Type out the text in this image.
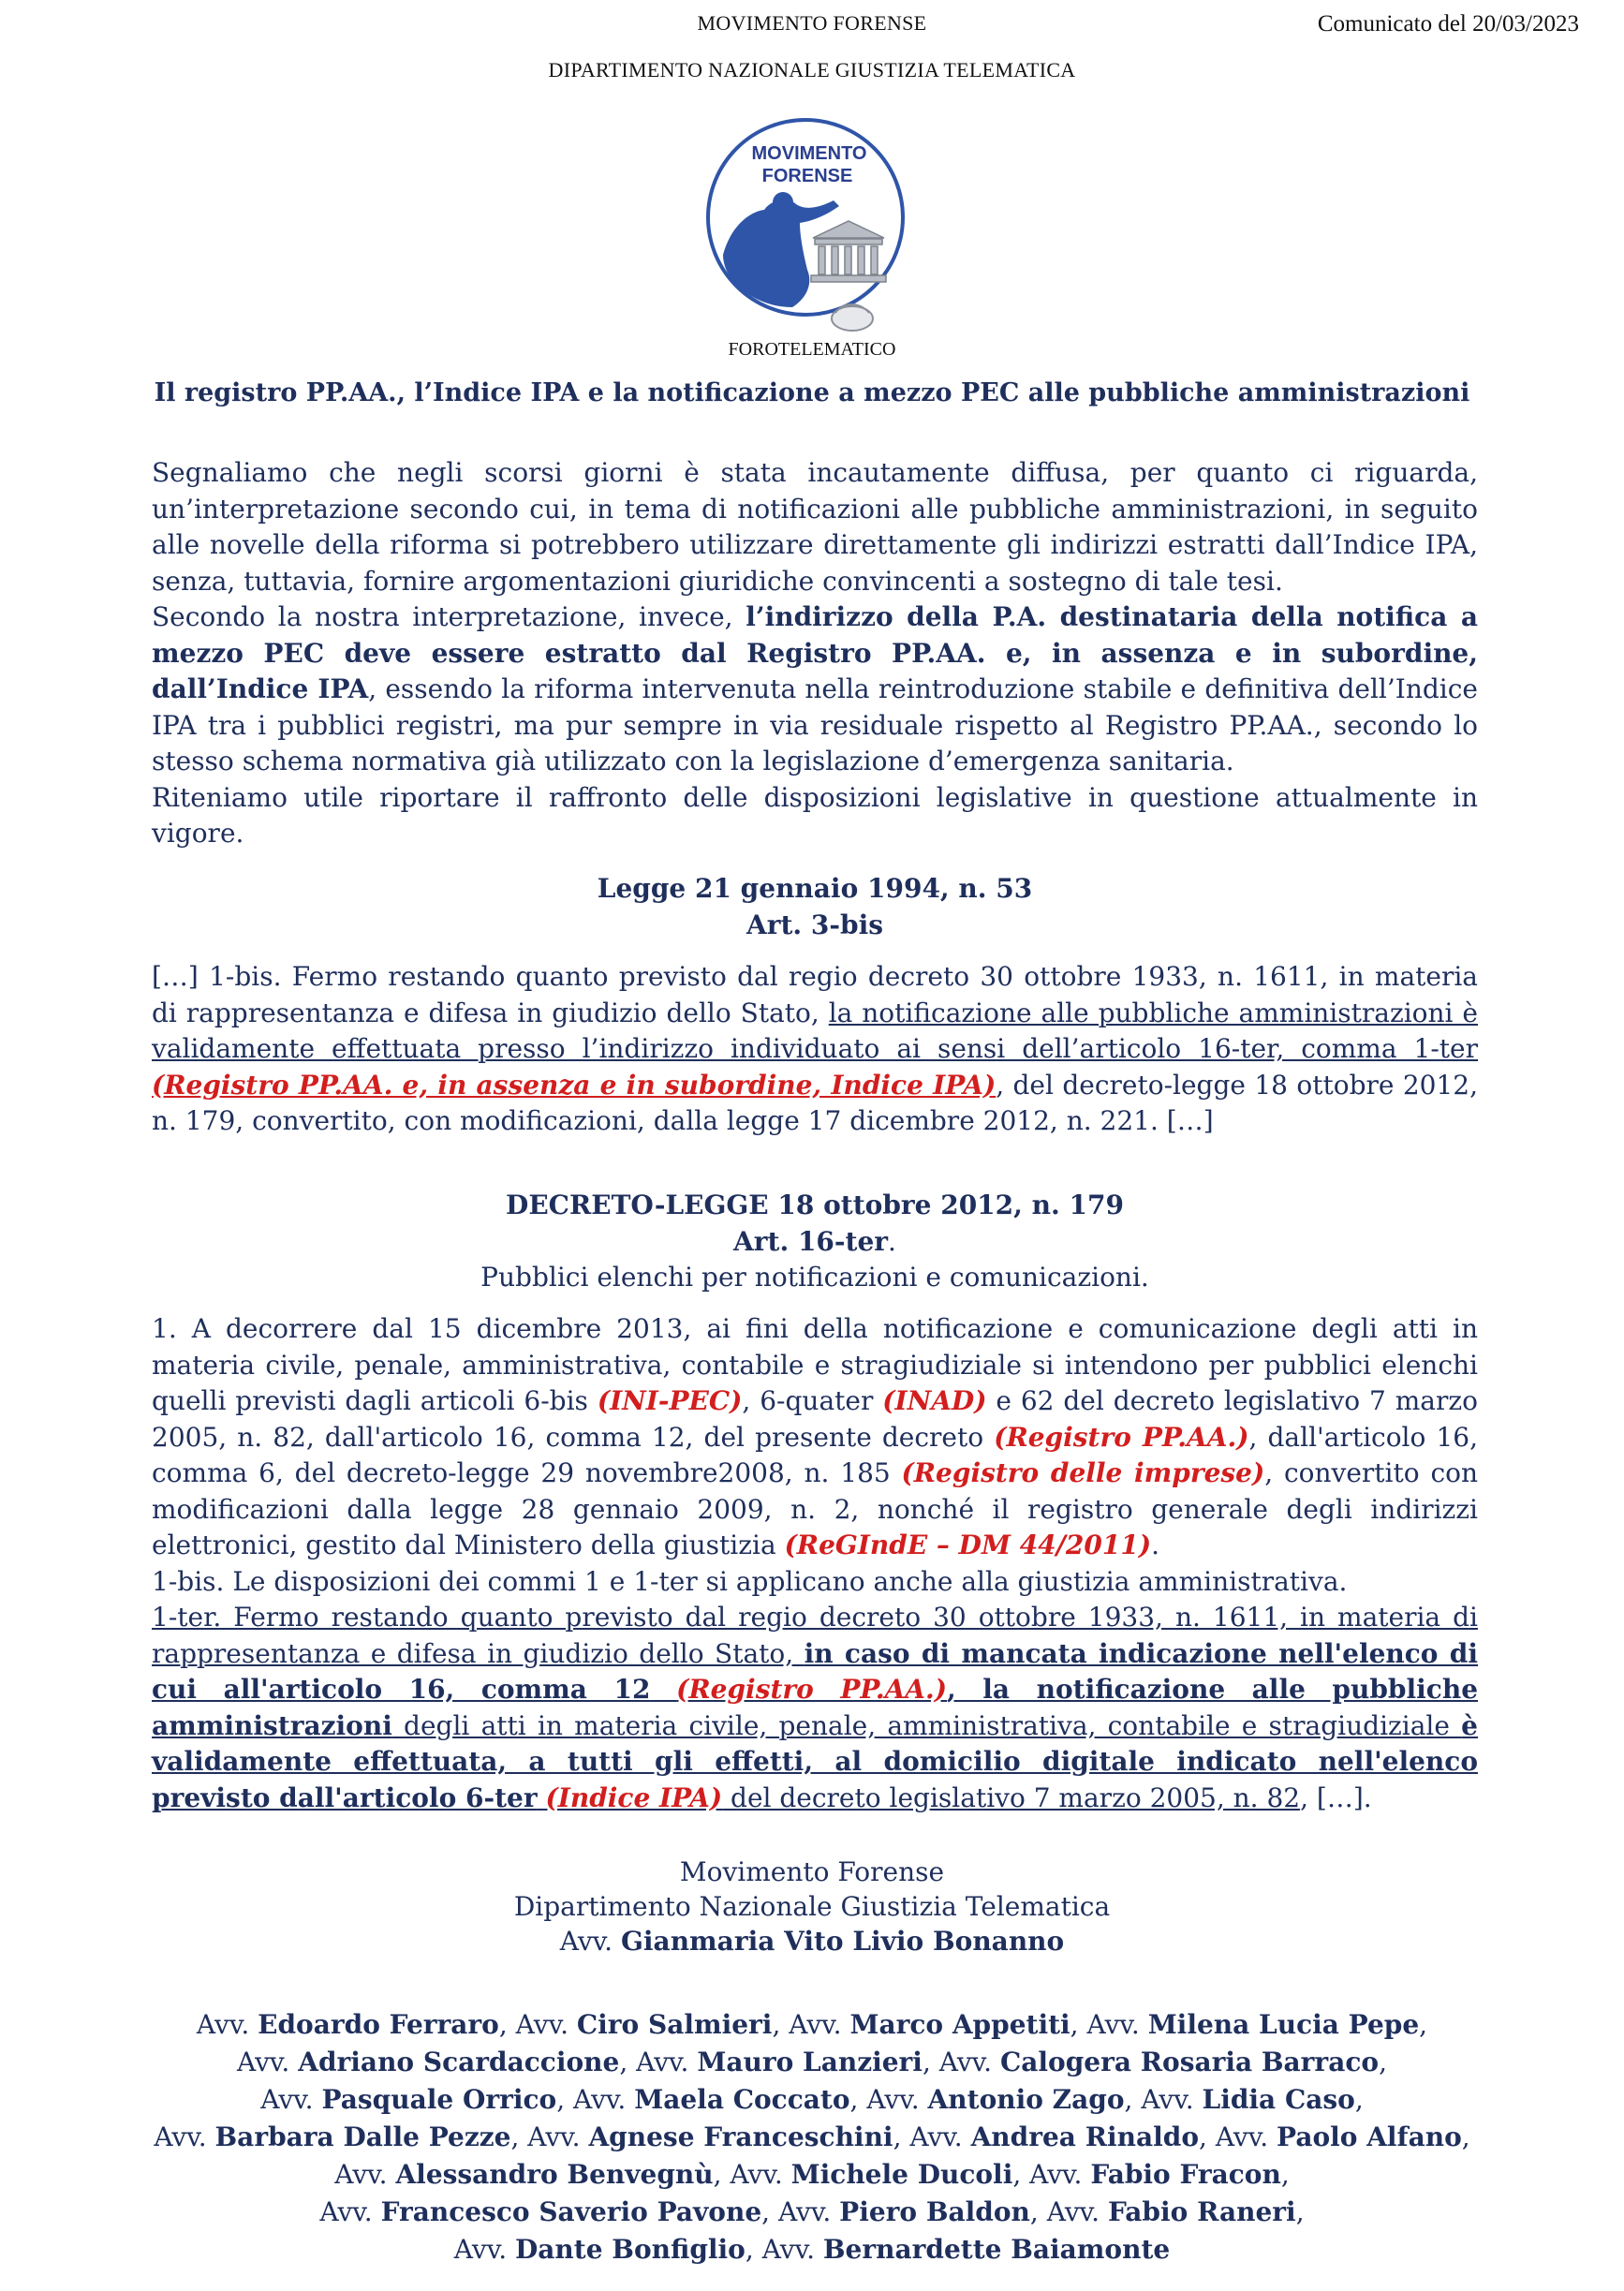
MOVIMENTO FORENSE
DIPARTIMENTO NAZIONALE GIUSTIZIA TELEMATICA
Comunicato del 20/03/2023
MOVIMENTO
FORENSE
FOROTELEMATICO
Il registro PP.AA., l’Indice IPA e la notificazione a mezzo PEC alle pubbliche amministrazioni

Segnaliamo che negli scorsi giorni è stata incautamente diffusa, per quanto ci riguarda, un’interpretazione secondo cui, in tema di notificazioni alle pubbliche amministrazioni, in seguito alle novelle della riforma si potrebbero utilizzare direttamente gli indirizzi estratti dall’Indice IPA, senza, tuttavia, fornire argomentazioni giuridiche convincenti a sostegno di tale tesi.

Secondo la nostra interpretazione, invece, l’indirizzo della P.A. destinataria della notifica a mezzo PEC deve essere estratto dal Registro PP.AA. e, in assenza e in subordine, dall’Indice IPA, essendo la riforma intervenuta nella reintroduzione stabile e definitiva dell’Indice IPA tra i pubblici registri, ma pur sempre in via residuale rispetto al Registro PP.AA., secondo lo stesso schema normativa già utilizzato con la legislazione d’emergenza sanitaria.

Riteniamo utile riportare il raffronto delle disposizioni legislative in questione attualmente in vigore.

Legge 21 gennaio 1994, n. 53

Art. 3-bis

[…] 1-bis. Fermo restando quanto previsto dal regio decreto 30 ottobre 1933, n. 1611, in materia di rappresentanza e difesa in giudizio dello Stato, la notificazione alle pubbliche amministrazioni è validamente effettuata presso l’indirizzo individuato ai sensi dell’articolo 16-ter, comma 1-ter (Registro PP.AA. e, in assenza e in subordine, Indice IPA), del decreto-legge 18 ottobre 2012, n. 179, convertito, con modificazioni, dalla legge 17 dicembre 2012, n. 221. […]

DECRETO-LEGGE 18 ottobre 2012, n. 179

Art. 16-ter.

Pubblici elenchi per notificazioni e comunicazioni.

1. A decorrere dal 15 dicembre 2013, ai fini della notificazione e comunicazione degli atti in materia civile, penale, amministrativa, contabile e stragiudiziale si intendono per pubblici elenchi quelli previsti dagli articoli 6-bis (INI-PEC), 6-quater (INAD) e 62 del decreto legislativo 7 marzo 2005, n. 82, dall'articolo 16, comma 12, del presente decreto (Registro PP.AA.), dall'articolo 16, comma 6, del decreto-legge 29 novembre2008, n. 185 (Registro delle imprese), convertito con modificazioni dalla legge 28 gennaio 2009, n. 2, nonché il registro generale degli indirizzi elettronici, gestito dal Ministero della giustizia (ReGIndE – DM 44/2011).

1-bis. Le disposizioni dei commi 1 e 1-ter si applicano anche alla giustizia amministrativa.

1-ter. Fermo restando quanto previsto dal regio decreto 30 ottobre 1933, n. 1611, in materia di rappresentanza e difesa in giudizio dello Stato, in caso di mancata indicazione nell'elenco di cui all'articolo 16, comma 12 (Registro PP.AA.), la notificazione alle pubbliche amministrazioni degli atti in materia civile, penale, amministrativa, contabile e stragiudiziale è validamente effettuata, a tutti gli effetti, al domicilio digitale indicato nell'elenco previsto dall'articolo 6-ter (Indice IPA) del decreto legislativo 7 marzo 2005, n. 82, […].

Movimento Forense

Dipartimento Nazionale Giustizia Telematica

Avv. Gianmaria Vito Livio Bonanno

Avv. Edoardo Ferraro, Avv. Ciro Salmieri, Avv. Marco Appetiti, Avv. Milena Lucia Pepe,

Avv. Adriano Scardaccione, Avv. Mauro Lanzieri, Avv. Calogera Rosaria Barraco,

Avv. Pasquale Orrico, Avv. Maela Coccato, Avv. Antonio Zago, Avv. Lidia Caso,

Avv. Barbara Dalle Pezze, Avv. Agnese Franceschini, Avv. Andrea Rinaldo, Avv. Paolo Alfano,

Avv. Alessandro Benvegnù, Avv. Michele Ducoli, Avv. Fabio Fracon,

Avv. Francesco Saverio Pavone, Avv. Piero Baldon, Avv. Fabio Raneri,

Avv. Dante Bonfiglio, Avv. Bernardette Baiamonte
